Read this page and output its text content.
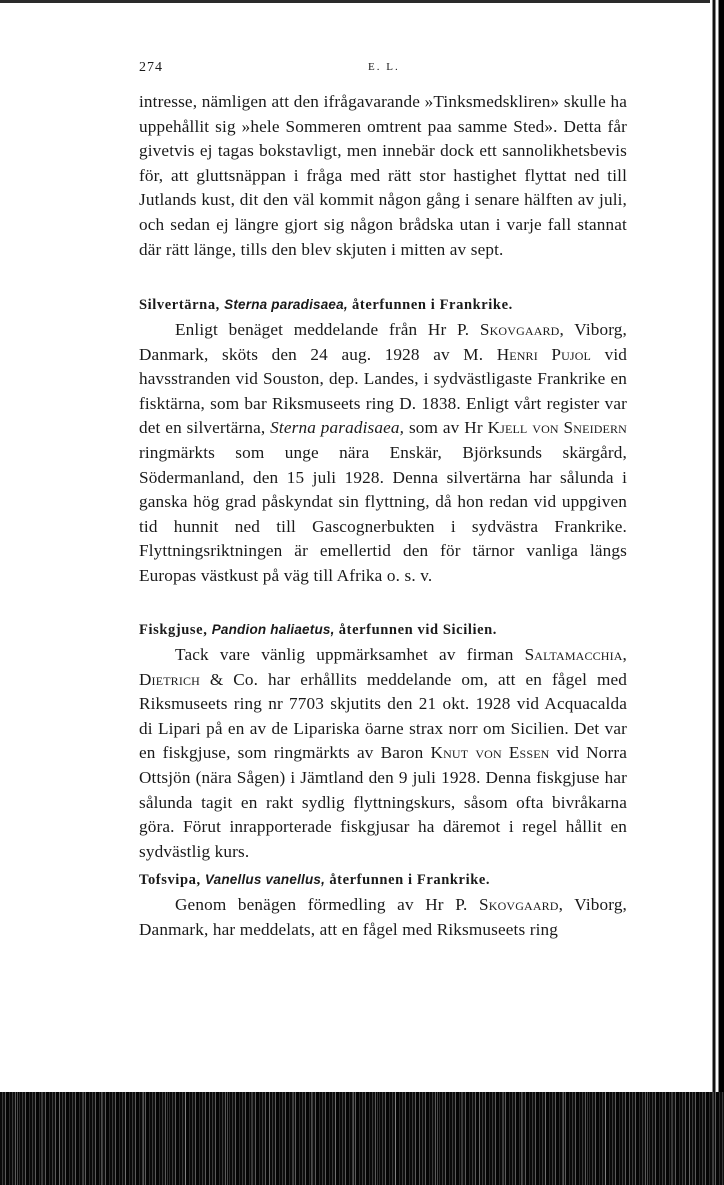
274	E. L.

intresse, nämligen att den ifrågavarande »Tinksmedskliren» skulle ha uppehållit sig »hele Sommeren omtrent paa samme Sted». Detta får givetvis ej tagas bokstavligt, men innebär dock ett sannolikhetsbevis för, att gluttsnäppan i fråga med rätt stor hastighet flyttat ned till Jutlands kust, dit den väl kommit någon gång i senare hälften av juli, och sedan ej längre gjort sig någon brådska utan i varje fall stannat där rätt länge, tills den blev skjuten i mitten av sept.

Silvertärna, Sterna paradisaea, återfunnen i Frankrike.

Enligt benäget meddelande från Hr P. Skovgaard, Viborg, Danmark, sköts den 24 aug. 1928 av M. Henri Pujol vid havsstranden vid Souston, dep. Landes, i sydvästligaste Frankrike en fisktärna, som bar Riksmuseets ring D. 1838. Enligt vårt register var det en silvertärna, Sterna paradisaea, som av Hr Kjell von Sneidern ringmärkts som unge nära Enskär, Björksunds skärgård, Södermanland, den 15 juli 1928. Denna silvertärna har sålunda i ganska hög grad påskyndat sin flyttning, då hon redan vid uppgiven tid hunnit ned till Gascognerbukten i sydvästra Frankrike. Flyttningsriktningen är emellertid den för tärnor vanliga längs Europas västkust på väg till Afrika o. s. v.

Fiskgjuse, Pandion haliaetus, återfunnen vid Sicilien.

Tack vare vänlig uppmärksamhet av firman Saltamacchia, Dietrich & Co. har erhållits meddelande om, att en fågel med Riksmuseets ring nr 7703 skjutits den 21 okt. 1928 vid Acquacalda di Lipari på en av de Lipariska öarne strax norr om Sicilien. Det var en fiskgjuse, som ringmärkts av Baron Knut von Essen vid Norra Ottsjön (nära Sågen) i Jämtland den 9 juli 1928. Denna fiskgjuse har sålunda tagit en rakt sydlig flyttningskurs, såsom ofta bivråkarna göra. Förut inrapporterade fiskgjusar ha däremot i regel hållit en sydvästlig kurs.

Tofsvipa, Vanellus vanellus, återfunnen i Frankrike.

Genom benägen förmedling av Hr P. Skovgaard, Viborg, Danmark, har meddelats, att en fågel med Riksmuseets ring
